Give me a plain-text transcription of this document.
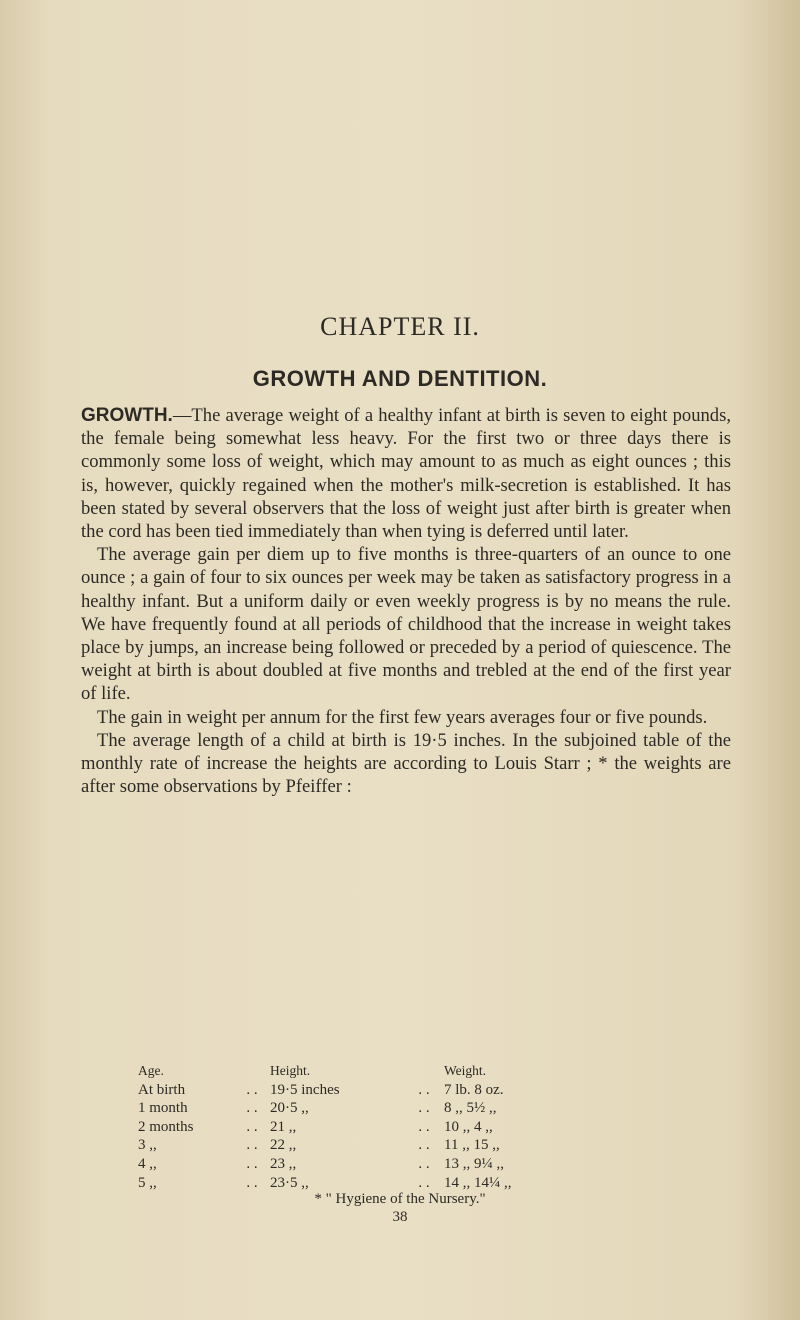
CHAPTER II.
GROWTH AND DENTITION.

GROWTH.—The average weight of a healthy infant at birth is seven to eight pounds, the female being somewhat less heavy. For the first two or three days there is commonly some loss of weight, which may amount to as much as eight ounces ; this is, however, quickly regained when the mother's milk-secretion is established. It has been stated by several observers that the loss of weight just after birth is greater when the cord has been tied immediately than when tying is deferred until later.

The average gain per diem up to five months is three-quarters of an ounce to one ounce ; a gain of four to six ounces per week may be taken as satisfactory progress in a healthy infant. But a uniform daily or even weekly progress is by no means the rule. We have frequently found at all periods of childhood that the increase in weight takes place by jumps, an increase being followed or preceded by a period of quiescence. The weight at birth is about doubled at five months and trebled at the end of the first year of life.

The gain in weight per annum for the first few years averages four or five pounds.

The average length of a child at birth is 19·5 inches. In the subjoined table of the monthly rate of increase the heights are according to Louis Starr ; * the weights are after some observations by Pfeiffer :

Age.	Height.	Weight.
At birth	. . 19·5 inches	. . 7 lb. 8 oz.
1 month	. . 20·5 ,,	. . 8 ,, 5½ ,,
2 months	. . 21 ,,	. . 10 ,, 4 ,,
3 ,,	. . 22 ,,	. . 11 ,, 15 ,,
4 ,,	. . 23 ,,	. . 13 ,, 9¼ ,,
5 ,,	. . 23·5 ,,	. . 14 ,, 14¼ ,,
* " Hygiene of the Nursery."
38
